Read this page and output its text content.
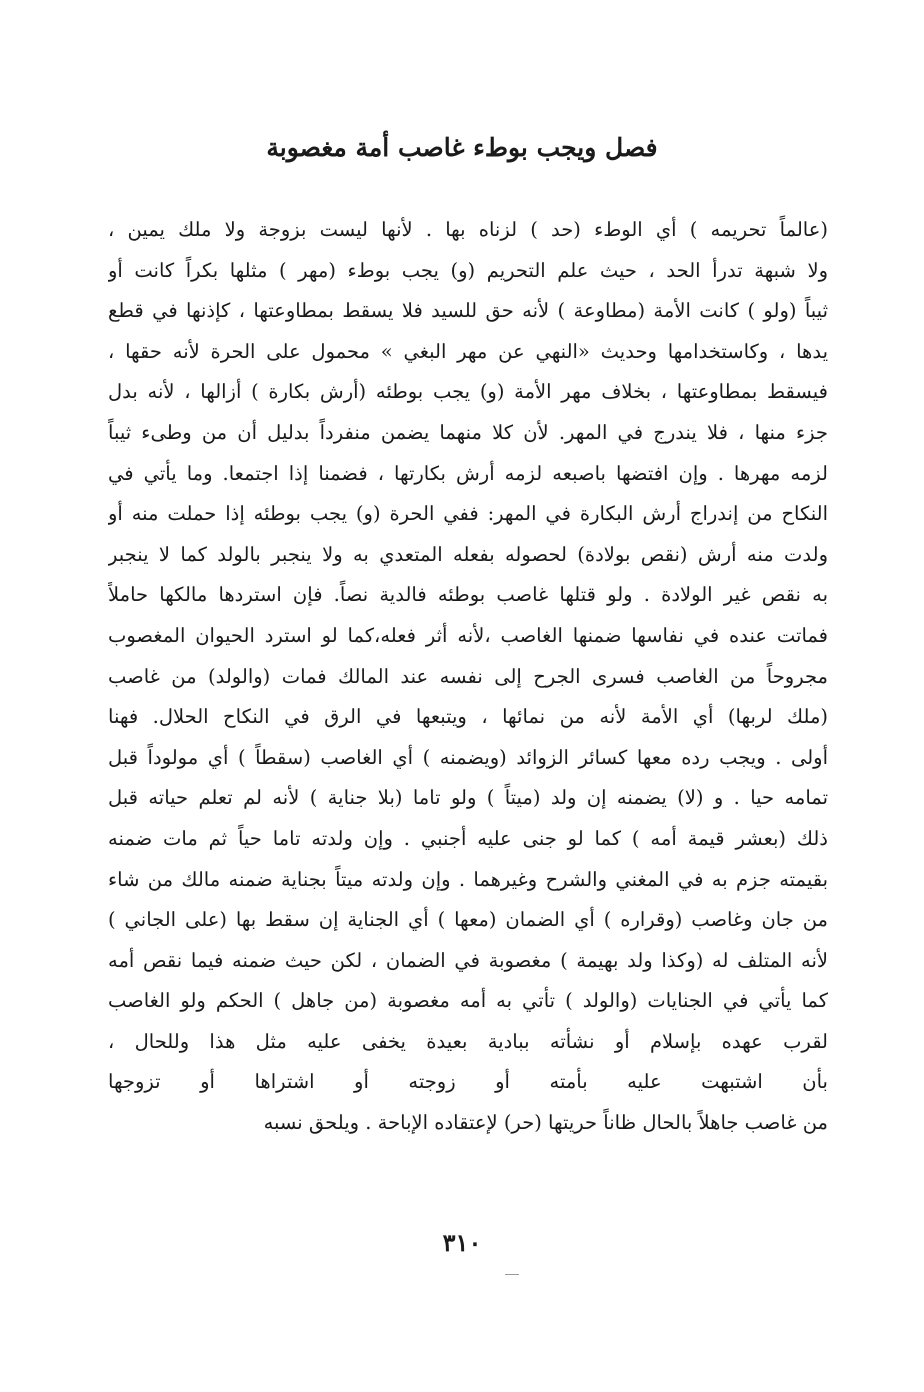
فصل ويجب بوطء غاصب أمة مغصوبة
(عالماً تحريمه ) أي الوطء (حد ) لزناه بها . لأنها ليست بزوجة ولا ملك يمين ،
ولا شبهة تدرأ الحد ، حيث علم التحريم (و) يجب بوطء (مهر ) مثلها بكراً كانت أو
ثيباً (ولو ) كانت الأمة (مطاوعة ) لأنه حق للسيد فلا يسقط بمطاوعتها ، كإذنها في قطع
يدها ، وكاستخدامها وحديث «النهي عن مهر البغي » محمول على الحرة لأنه حقها ،
فيسقط بمطاوعتها ، بخلاف مهر الأمة (و) يجب بوطئه (أرش بكارة ) أزالها ، لأنه بدل
جزء منها ، فلا يندرج في المهر. لأن كلا منهما يضمن منفرداً بدليل أن من وطىء ثيباً
لزمه مهرها . وإن افتضها باصبعه لزمه أرش بكارتها ، فضمنا إذا اجتمعا. وما يأتي في
النكاح من إندراج أرش البكارة في المهر: ففي الحرة (و) يجب بوطئه إذا حملت منه أو
ولدت منه أرش (نقص بولادة) لحصوله بفعله المتعدي به ولا ينجبر بالولد كما لا ينجبر
به نقص غير الولادة . ولو قتلها غاصب بوطئه فالدية نصاً. فإن استردها مالكها حاملاً
فماتت عنده في نفاسها ضمنها الغاصب ،لأنه أثر فعله،كما لو استرد الحيوان المغصوب
مجروحاً من الغاصب فسرى الجرح إلى نفسه عند المالك فمات (والولد) من غاصب
(ملك لربها) أي الأمة لأنه من نمائها ، ويتبعها في الرق في النكاح الحلال. فهنا
أولى . ويجب رده معها كسائر الزوائد (ويضمنه ) أي الغاصب (سقطاً ) أي مولوداً قبل
تمامه حيا . و (لا) يضمنه إن ولد (ميتاً ) ولو تاما (بلا جناية ) لأنه لم تعلم حياته قبل
ذلك (بعشر قيمة أمه ) كما لو جنى عليه أجنبي . وإن ولدته تاما حياً ثم مات ضمنه
بقيمته جزم به في المغني والشرح وغيرهما . وإن ولدته ميتاً بجناية ضمنه مالك من شاء
من جان وغاصب (وقراره ) أي الضمان (معها ) أي الجناية إن سقط بها (على الجاني )
لأنه المتلف له (وكذا ولد بهيمة ) مغصوبة في الضمان ، لكن حيث ضمنه فيما نقص أمه
كما يأتي في الجنايات (والولد ) تأتي به أمه مغصوبة (من جاهل ) الحكم ولو الغاصب
لقرب عهده بإسلام أو نشأته ببادية بعيدة يخفى عليه مثل هذا وللحال ،
بأن اشتبهت عليه بأمته أو زوجته أو اشتراها أو تزوجها
من غاصب جاهلاً بالحال ظاناً حريتها (حر) لإعتقاده الإباحة . ويلحق نسبه
٣١٠
